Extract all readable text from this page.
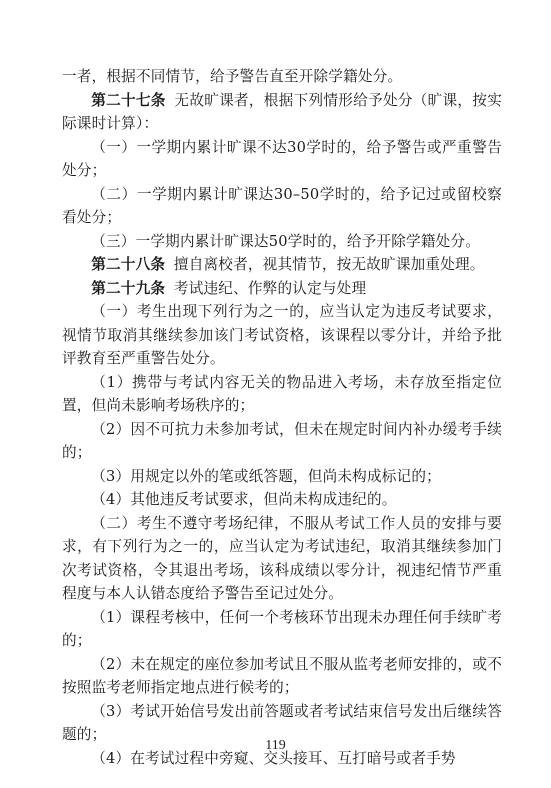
一者，根据不同情节，给予警告直至开除学籍处分。

第二十七条 无故旷课者，根据下列情形给予处分（旷课，按实际课时计算）：

（一）一学期内累计旷课不达30学时的，给予警告或严重警告处分；

（二）一学期内累计旷课达30–50学时的，给予记过或留校察看处分；

（三）一学期内累计旷课达50学时的，给予开除学籍处分。

第二十八条 擅自离校者，视其情节，按无故旷课加重处理。

第二十九条 考试违纪、作弊的认定与处理

（一）考生出现下列行为之一的，应当认定为违反考试要求，视情节取消其继续参加该门考试资格，该课程以零分计，并给予批评教育至严重警告处分。

（1）携带与考试内容无关的物品进入考场，未存放至指定位置，但尚未影响考场秩序的；

（2）因不可抗力未参加考试，但未在规定时间内补办缓考手续的；

（3）用规定以外的笔或纸答题，但尚未构成标记的；

（4）其他违反考试要求，但尚未构成违纪的。

（二）考生不遵守考场纪律，不服从考试工作人员的安排与要求，有下列行为之一的，应当认定为考试违纪，取消其继续参加门次考试资格，令其退出考场，该科成绩以零分计，视违纪情节严重程度与本人认错态度给予警告至记过处分。

（1）课程考核中，任何一个考核环节出现未办理任何手续旷考的；

（2）未在规定的座位参加考试且不服从监考老师安排的，或不按照监考老师指定地点进行候考的；

（3）考试开始信号发出前答题或者考试结束信号发出后继续答题的；

（4）在考试过程中旁窥、交头接耳、互打暗号或者手势

119
